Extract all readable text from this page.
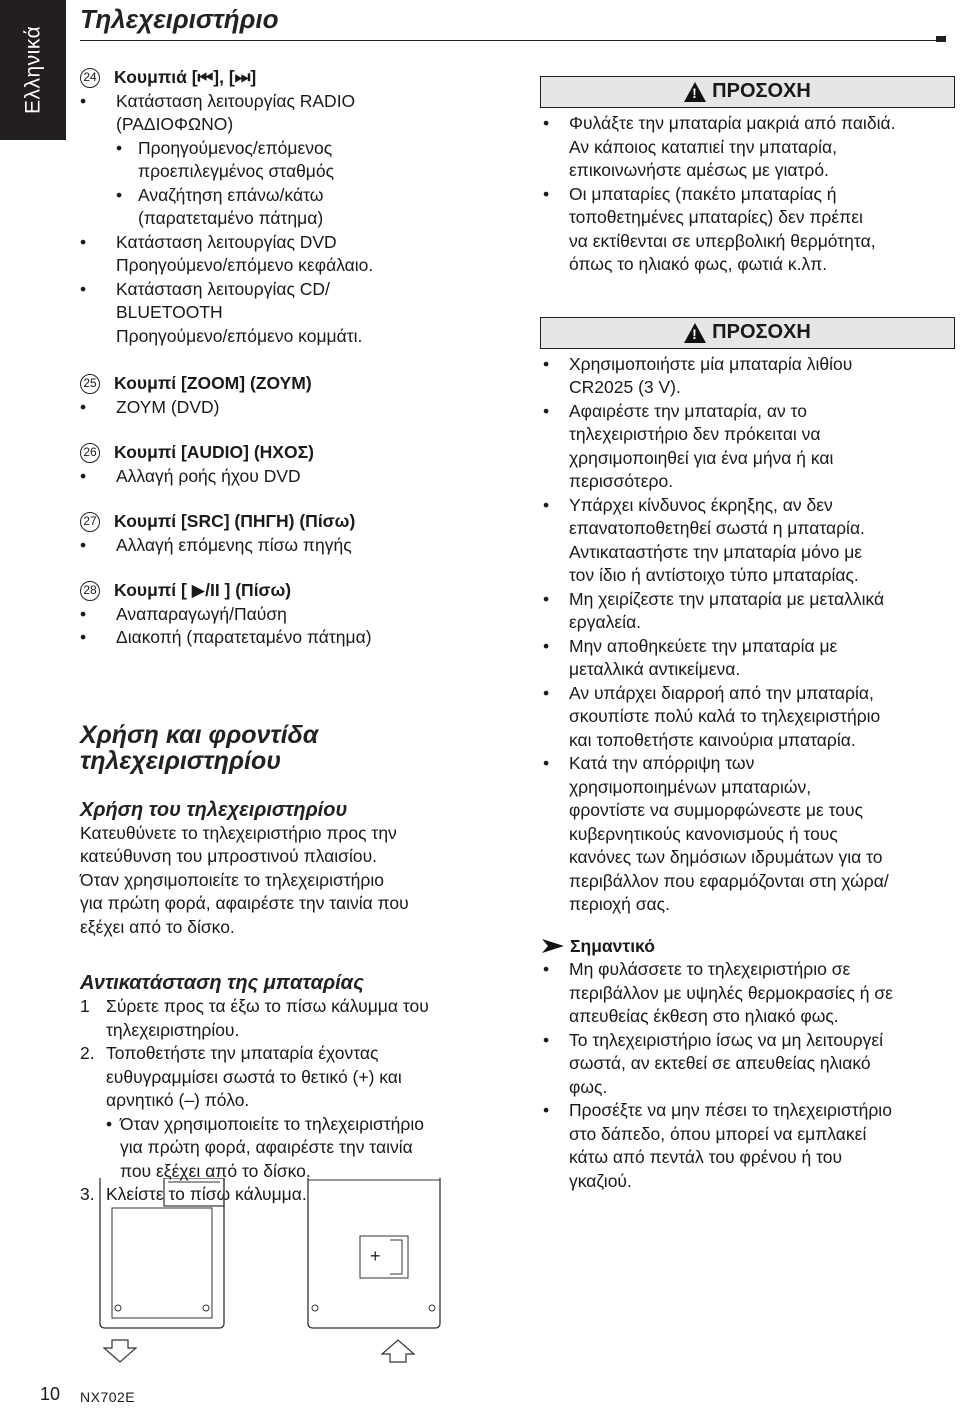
Ελληνικά
Τηλεχειριστήριο
24 Κουμπιά [⏮], [⏭]
• Κατάσταση λειτουργίας RADIO
(ΡΑΔΙΟΦΩΝΟ)
• Προηγούμενος/επόμενος
προεπιλεγμένος σταθμός
• Αναζήτηση επάνω/κάτω
(παρατεταμένο πάτημα)
• Κατάσταση λειτουργίας DVD
Προηγούμενο/επόμενο κεφάλαιο.
• Κατάσταση λειτουργίας CD/
BLUETOOTH
Προηγούμενο/επόμενο κομμάτι.
25 Κουμπί [ZOOM] (ΖΟΥΜ)
• ΖΟΥΜ (DVD)
26 Κουμπί [AUDIO] (ΗΧΟΣ)
• Αλλαγή ροής ήχου DVD
27 Κουμπί [SRC] (ΠΗΓΗ) (Πίσω)
• Αλλαγή επόμενης πίσω πηγής
28 Κουμπί [ ▶/II ] (Πίσω)
• Αναπαραγωγή/Παύση
• Διακοπή (παρατεταμένο πάτημα)
Χρήση και φροντίδα
τηλεχειριστηρίου
Χρήση του τηλεχειριστηρίου
Κατευθύνετε το τηλεχειριστήριο προς την
κατεύθυνση του μπροστινού πλαισίου.
Όταν χρησιμοποιείτε το τηλεχειριστήριο
για πρώτη φορά, αφαιρέστε την ταινία που
εξέχει από το δίσκο.
Αντικατάσταση της μπαταρίας
1 Σύρετε προς τα έξω το πίσω κάλυμμα του
τηλεχειριστηρίου.
2. Τοποθετήστε την μπαταρία έχοντας
ευθυγραμμίσει σωστά το θετικό (+) και
αρνητικό (–) πόλο.
• Όταν χρησιμοποιείτε το τηλεχειριστήριο
για πρώτη φορά, αφαιρέστε την ταινία
που εξέχει από το δίσκο.
3. Κλείστε το πίσω κάλυμμα.
! ΠΡΟΣΟΧΗ
• Φυλάξτε την μπαταρία μακριά από παιδιά.
Αν κάποιος καταπιεί την μπαταρία,
επικοινωνήστε αμέσως με γιατρό.
• Οι μπαταρίες (πακέτο μπαταρίας ή
τοποθετημένες μπαταρίες) δεν πρέπει
να εκτίθενται σε υπερβολική θερμότητα,
όπως το ηλιακό φως, φωτιά κ.λπ.
! ΠΡΟΣΟΧΗ
• Χρησιμοποιήστε μία μπαταρία λιθίου
CR2025 (3 V).
• Αφαιρέστε την μπαταρία, αν το
τηλεχειριστήριο δεν πρόκειται να
χρησιμοποιηθεί για ένα μήνα ή και
περισσότερο.
• Υπάρχει κίνδυνος έκρηξης, αν δεν
επανατοποθετηθεί σωστά η μπαταρία.
Αντικαταστήστε την μπαταρία μόνο με
τον ίδιο ή αντίστοιχο τύπο μπαταρίας.
• Μη χειρίζεστε την μπαταρία με μεταλλικά
εργαλεία.
• Μην αποθηκεύετε την μπαταρία με
μεταλλικά αντικείμενα.
• Αν υπάρχει διαρροή από την μπαταρία,
σκουπίστε πολύ καλά το τηλεχειριστήριο
και τοποθετήστε καινούρια μπαταρία.
• Κατά την απόρριψη των
χρησιμοποιημένων μπαταριών,
φροντίστε να συμμορφώνεστε με τους
κυβερνητικούς κανονισμούς ή τους
κανόνες των δημόσιων ιδρυμάτων για το
περιβάλλον που εφαρμόζονται στη χώρα/
περιοχή σας.
Σημαντικό
• Μη φυλάσσετε το τηλεχειριστήριο σε
περιβάλλον με υψηλές θερμοκρασίες ή σε
απευθείας έκθεση στο ηλιακό φως.
• Το τηλεχειριστήριο ίσως να μη λειτουργεί
σωστά, αν εκτεθεί σε απευθείας ηλιακό
φως.
• Προσέξτε να μην πέσει το τηλεχειριστήριο
στο δάπεδο, όπου μπορεί να εμπλακεί
κάτω από πεντάλ του φρένου ή του
γκαζιού.
+
10 NX702E
